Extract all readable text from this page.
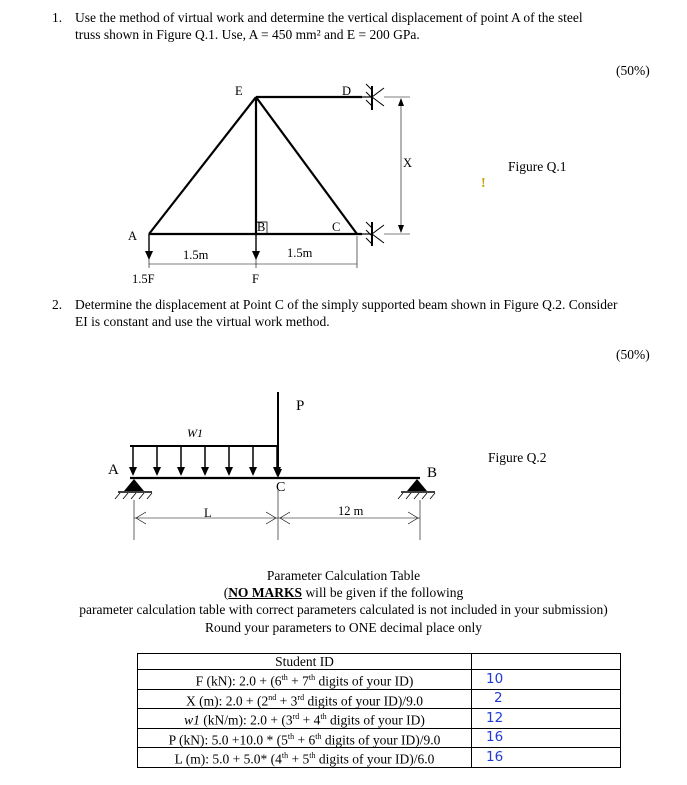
1. Use the method of virtual work and determine the vertical displacement of point A of the steel
truss shown in Figure Q.1. Use, A = 450 mm² and E = 200 GPa.
(50%)
E	D
A
B	C
X
1.5m	1.5m
1.5F	F
Figure Q.1
!
2. Determine the displacement at Point C of the simply supported beam shown in Figure Q.2. Consider
EI is constant and use the virtual work method.
(50%)
P
W1
A	B
C
L	12 m
Figure Q.2
Parameter Calculation Table
(NO MARKS will be given if the following
parameter calculation table with correct parameters calculated is not included in your submission)
Round your parameters to ONE decimal place only
Student ID	
F (kN): 2.0 + (6th + 7th digits of your ID)	10
X (m): 2.0 + (2nd + 3rd digits of your ID)/9.0	2
w1 (kN/m): 2.0 + (3rd + 4th digits of your ID)	12
P (kN): 5.0 +10.0 * (5th + 6th digits of your ID)/9.0	16
L (m): 5.0 + 5.0* (4th + 5th digits of your ID)/6.0	16
